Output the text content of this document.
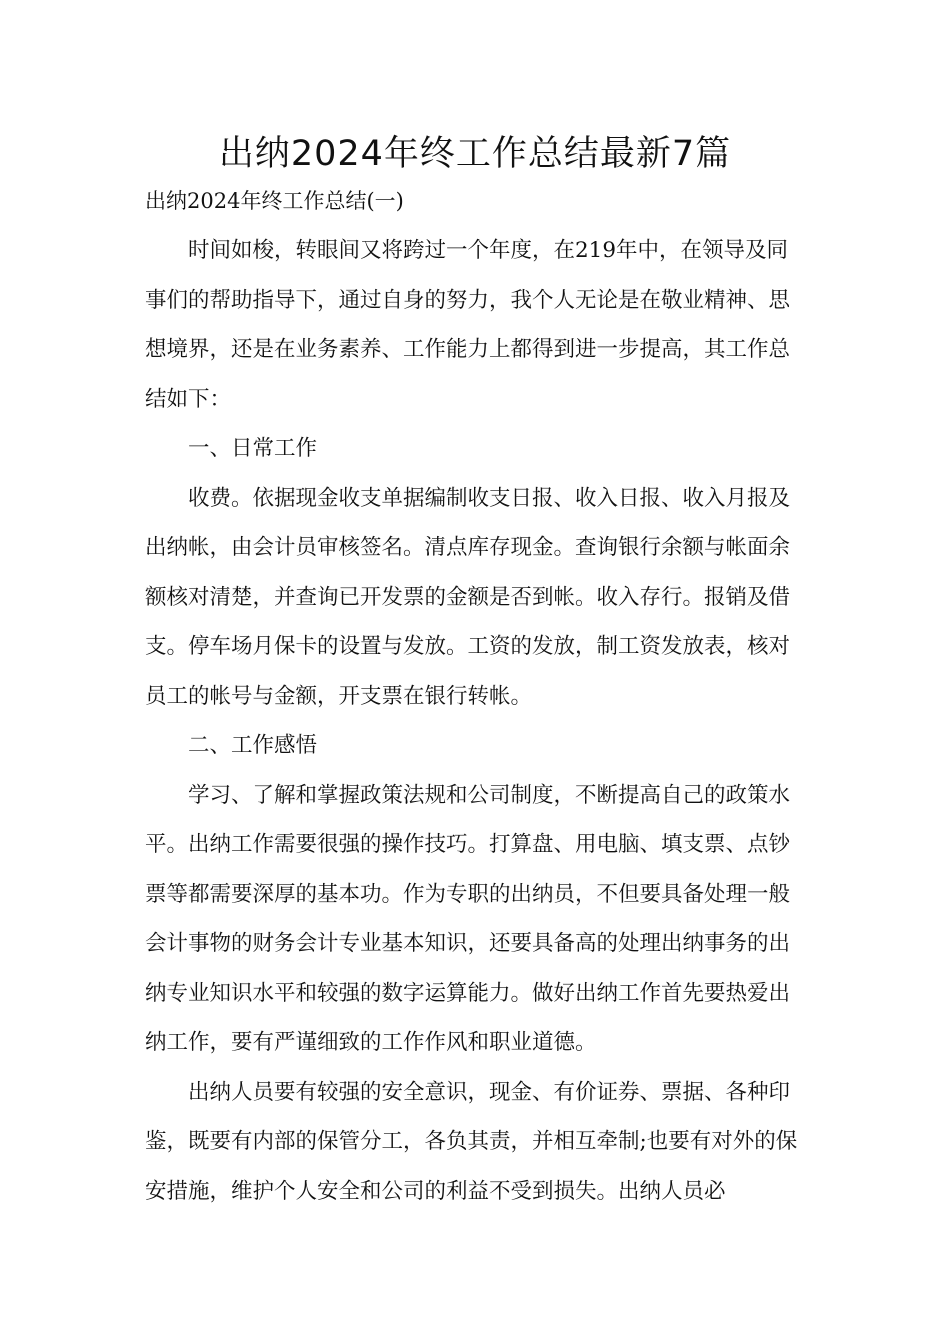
出纳2024年终工作总结最新7篇
出纳2024年终工作总结(一)

时间如梭，转眼间又将跨过一个年度，在219年中，在领导及同事们的帮助指导下，通过自身的努力，我个人无论是在敬业精神、思想境界，还是在业务素养、工作能力上都得到进一步提高，其工作总结如下：

一、日常工作

收费。依据现金收支单据编制收支日报、收入日报、收入月报及出纳帐，由会计员审核签名。清点库存现金。查询银行余额与帐面余额核对清楚，并查询已开发票的金额是否到帐。收入存行。报销及借支。停车场月保卡的设置与发放。工资的发放，制工资发放表，核对员工的帐号与金额，开支票在银行转帐。

二、工作感悟

学习、了解和掌握政策法规和公司制度，不断提高自己的政策水平。出纳工作需要很强的操作技巧。打算盘、用电脑、填支票、点钞票等都需要深厚的基本功。作为专职的出纳员，不但要具备处理一般会计事物的财务会计专业基本知识，还要具备高的处理出纳事务的出纳专业知识水平和较强的数字运算能力。做好出纳工作首先要热爱出纳工作，要有严谨细致的工作作风和职业道德。

出纳人员要有较强的安全意识，现金、有价证券、票据、各种印鉴，既要有内部的保管分工，各负其责，并相互牵制;也要有对外的保安措施，维护个人安全和公司的利益不受到损失。出纳人员必
